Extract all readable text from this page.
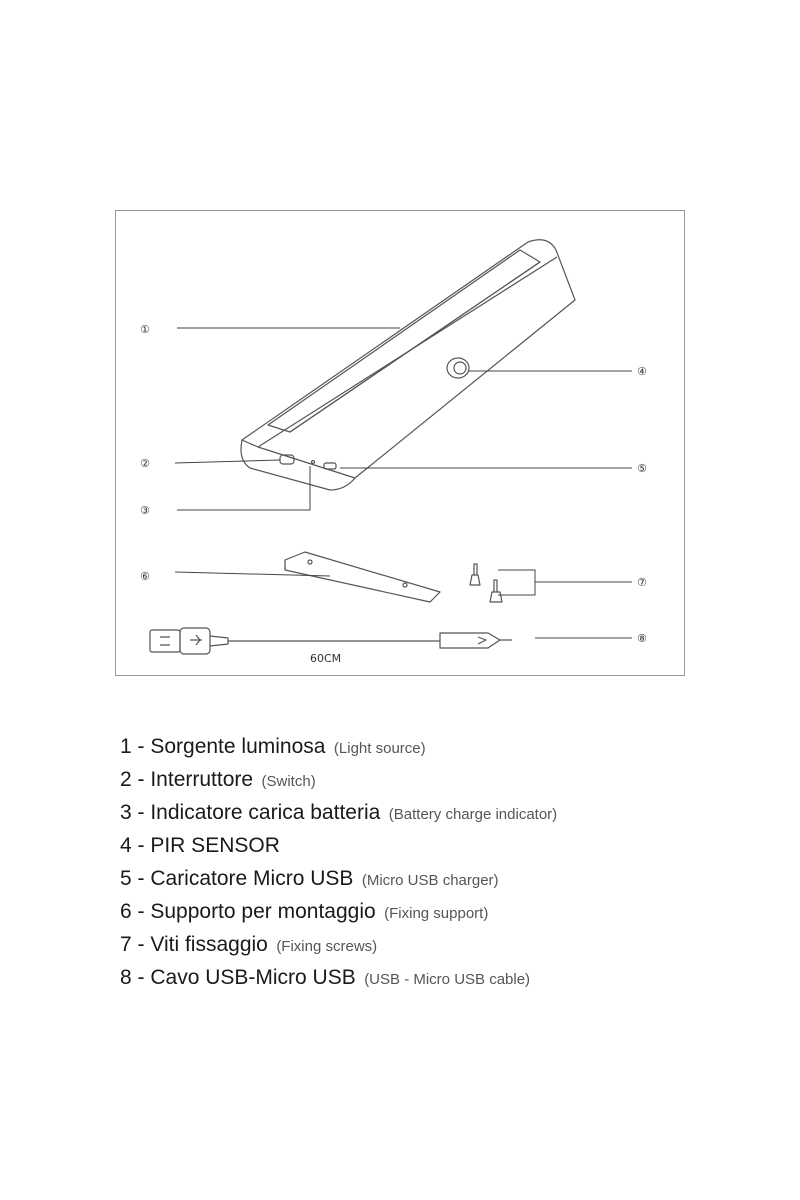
①
②
③
④
⑤
⑥	⑦
⑧
60CM
1 - Sorgente luminosa (Light source)
2 - Interruttore (Switch)
3 - Indicatore carica batteria (Battery charge indicator)
4 - PIR SENSOR
5 - Caricatore Micro USB (Micro USB charger)
6 - Supporto per montaggio (Fixing support)
7 - Viti fissaggio (Fixing screws)
8 - Cavo USB-Micro USB (USB - Micro USB cable)
